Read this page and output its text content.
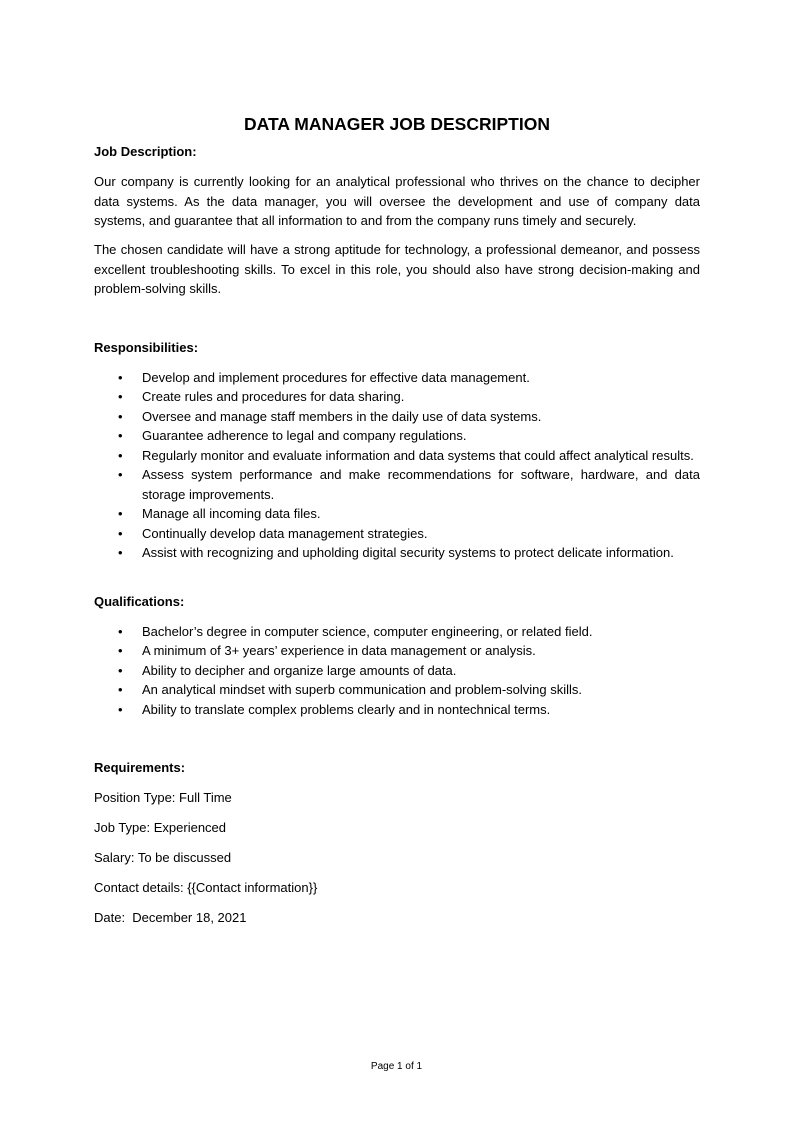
DATA MANAGER JOB DESCRIPTION

Job Description:

Our company is currently looking for an analytical professional who thrives on the chance to decipher data systems. As the data manager, you will oversee the development and use of company data systems, and guarantee that all information to and from the company runs timely and securely.

The chosen candidate will have a strong aptitude for technology, a professional demeanor, and possess excellent troubleshooting skills. To excel in this role, you should also have strong decision-making and problem-solving skills.

Responsibilities:

•	Develop and implement procedures for effective data management.
•	Create rules and procedures for data sharing.
•	Oversee and manage staff members in the daily use of data systems.
•	Guarantee adherence to legal and company regulations.
•	Regularly monitor and evaluate information and data systems that could affect analytical results.
•	Assess system performance and make recommendations for software, hardware, and data storage improvements.
•	Manage all incoming data files.
•	Continually develop data management strategies.
•	Assist with recognizing and upholding digital security systems to protect delicate information.

Qualifications:

•	Bachelor’s degree in computer science, computer engineering, or related field.
•	A minimum of 3+ years’ experience in data management or analysis.
•	Ability to decipher and organize large amounts of data.
•	An analytical mindset with superb communication and problem-solving skills.
•	Ability to translate complex problems clearly and in nontechnical terms.

Requirements:

Position Type: Full Time

Job Type: Experienced

Salary: To be discussed

Contact details: {{Contact information}}

Date:  December 18, 2021

Page 1 of 1
